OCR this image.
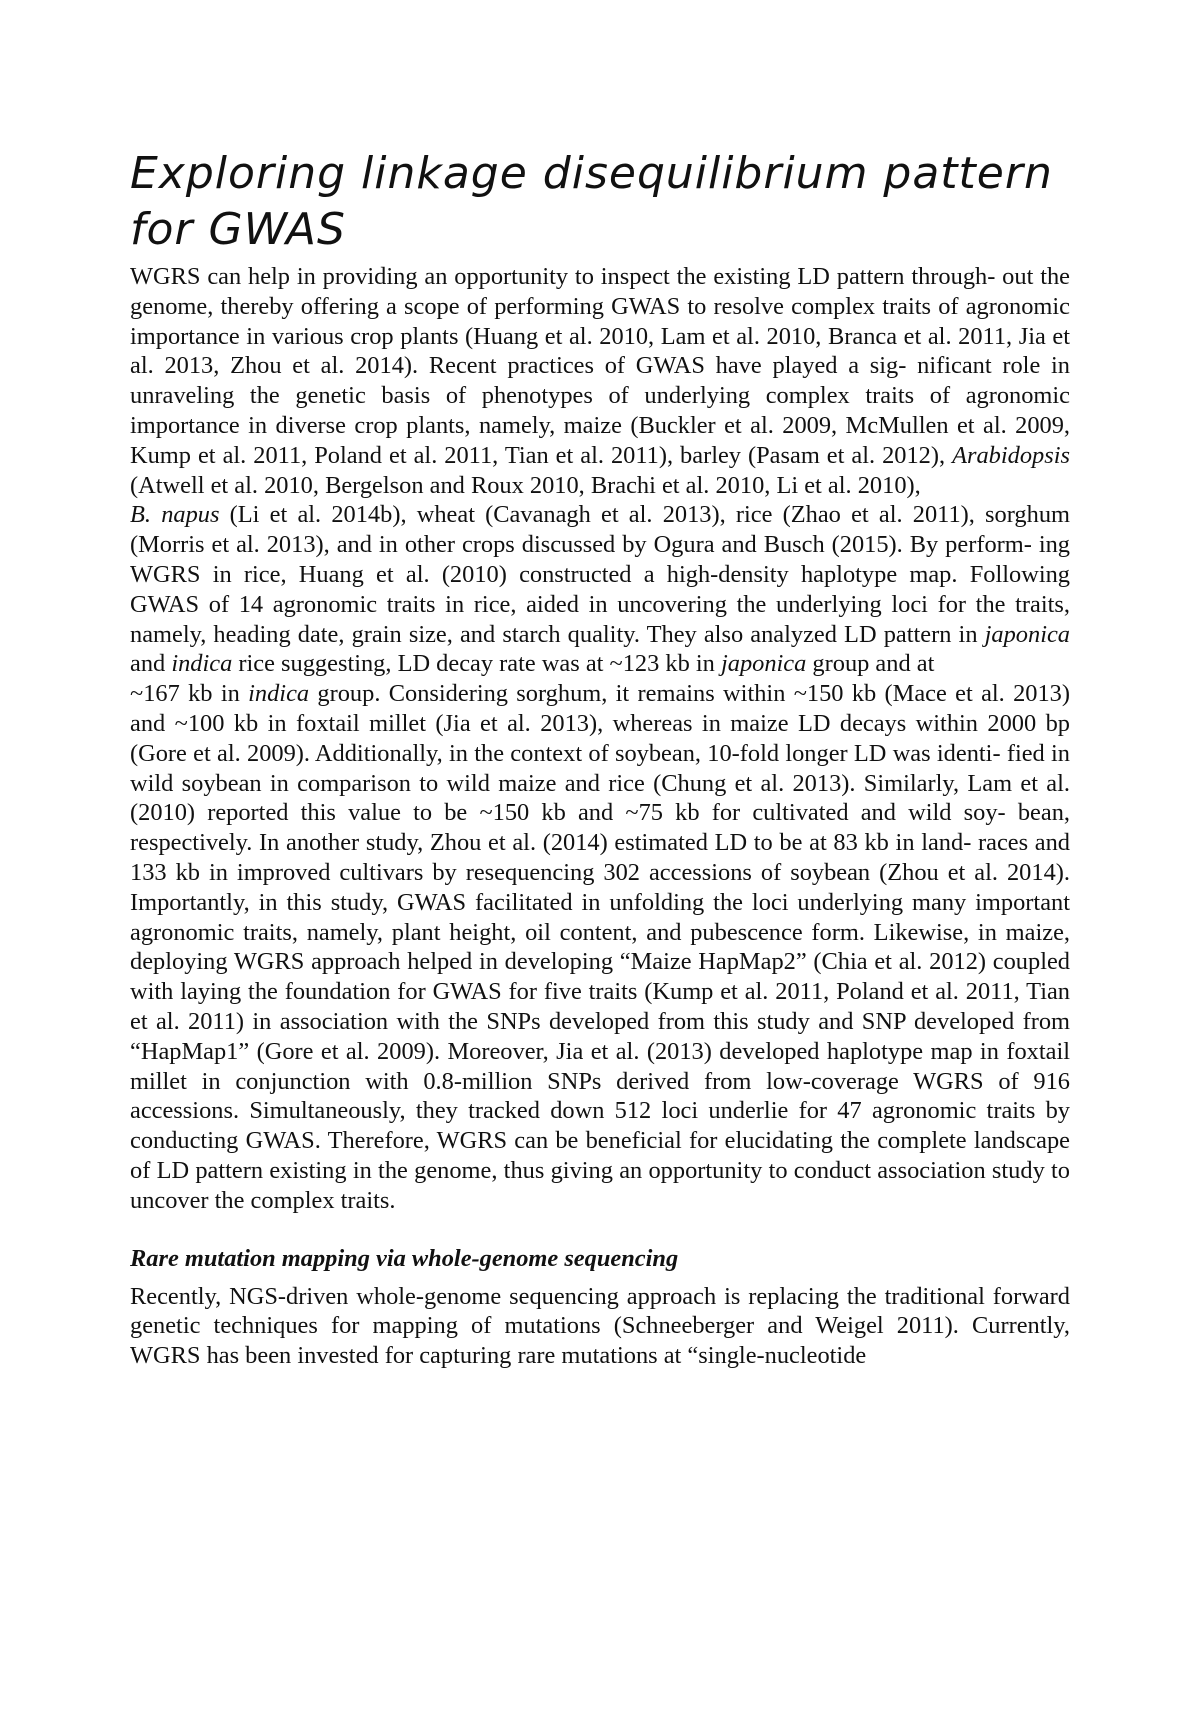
Exploring linkage disequilibrium pattern for GWAS

WGRS can help in providing an opportunity to inspect the existing LD pattern through- out the genome, thereby offering a scope of performing GWAS to resolve complex traits of agronomic importance in various crop plants (Huang et al. 2010, Lam et al. 2010, Branca et al. 2011, Jia et al. 2013, Zhou et al. 2014). Recent practices of GWAS have played a sig- nificant role in unraveling the genetic basis of phenotypes of underlying complex traits of agronomic importance in diverse crop plants, namely, maize (Buckler et al. 2009, McMullen et al. 2009, Kump et al. 2011, Poland et al. 2011, Tian et al. 2011), barley (Pasam et al. 2012), Arabidopsis (Atwell et al. 2010, Bergelson and Roux 2010, Brachi et al. 2010, Li et al. 2010),

B. napus (Li et al. 2014b), wheat (Cavanagh et al. 2013), rice (Zhao et al. 2011), sorghum (Morris et al. 2013), and in other crops discussed by Ogura and Busch (2015). By perform- ing WGRS in rice, Huang et al. (2010) constructed a high-density haplotype map. Following GWAS of 14 agronomic traits in rice, aided in uncovering the underlying loci for the traits, namely, heading date, grain size, and starch quality. They also analyzed LD pattern in japonica and indica rice suggesting, LD decay rate was at ~123 kb in japonica group and at

~167 kb in indica group. Considering sorghum, it remains within ~150 kb (Mace et al. 2013) and ~100 kb in foxtail millet (Jia et al. 2013), whereas in maize LD decays within 2000 bp (Gore et al. 2009). Additionally, in the context of soybean, 10-fold longer LD was identi- fied in wild soybean in comparison to wild maize and rice (Chung et al. 2013). Similarly, Lam et al. (2010) reported this value to be ~150 kb and ~75 kb for cultivated and wild soy- bean, respectively. In another study, Zhou et al. (2014) estimated LD to be at 83 kb in land- races and 133 kb in improved cultivars by resequencing 302 accessions of soybean (Zhou et al. 2014). Importantly, in this study, GWAS facilitated in unfolding the loci underlying many important agronomic traits, namely, plant height, oil content, and pubescence form. Likewise, in maize, deploying WGRS approach helped in developing “Maize HapMap2” (Chia et al. 2012) coupled with laying the foundation for GWAS for five traits (Kump et al. 2011, Poland et al. 2011, Tian et al. 2011) in association with the SNPs developed from this study and SNP developed from “HapMap1” (Gore et al. 2009). Moreover, Jia et al. (2013) developed haplotype map in foxtail millet in conjunction with 0.8-million SNPs derived from low-coverage WGRS of 916 accessions. Simultaneously, they tracked down 512 loci underlie for 47 agronomic traits by conducting GWAS. Therefore, WGRS can be beneficial for elucidating the complete landscape of LD pattern existing in the genome, thus giving an opportunity to conduct association study to uncover the complex traits.

Rare mutation mapping via whole-genome sequencing

Recently, NGS-driven whole-genome sequencing approach is replacing the traditional forward genetic techniques for mapping of mutations (Schneeberger and Weigel 2011). Currently, WGRS has been invested for capturing rare mutations at “single-nucleotide
